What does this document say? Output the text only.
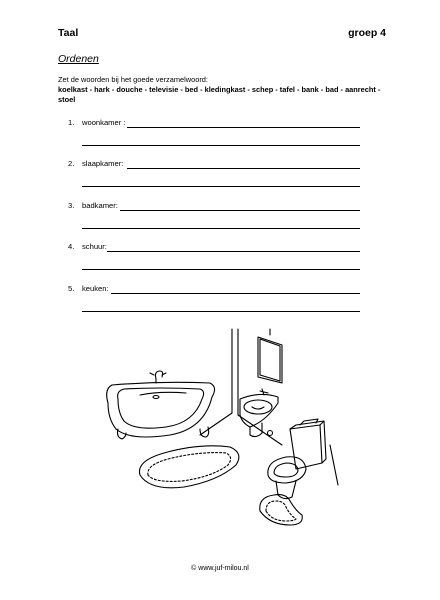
Taal	groep 4
Ordenen
Zet de woorden bij het goede verzamelwoord:
koelkast - hark - douche - televisie - bed - kledingkast - schep - tafel - bank - bad - aanrecht - stoel
1. woonkamer :
2. slaapkamer:
3. badkamer:
4. schuur:
5. keuken:
© www.juf-milou.nl
